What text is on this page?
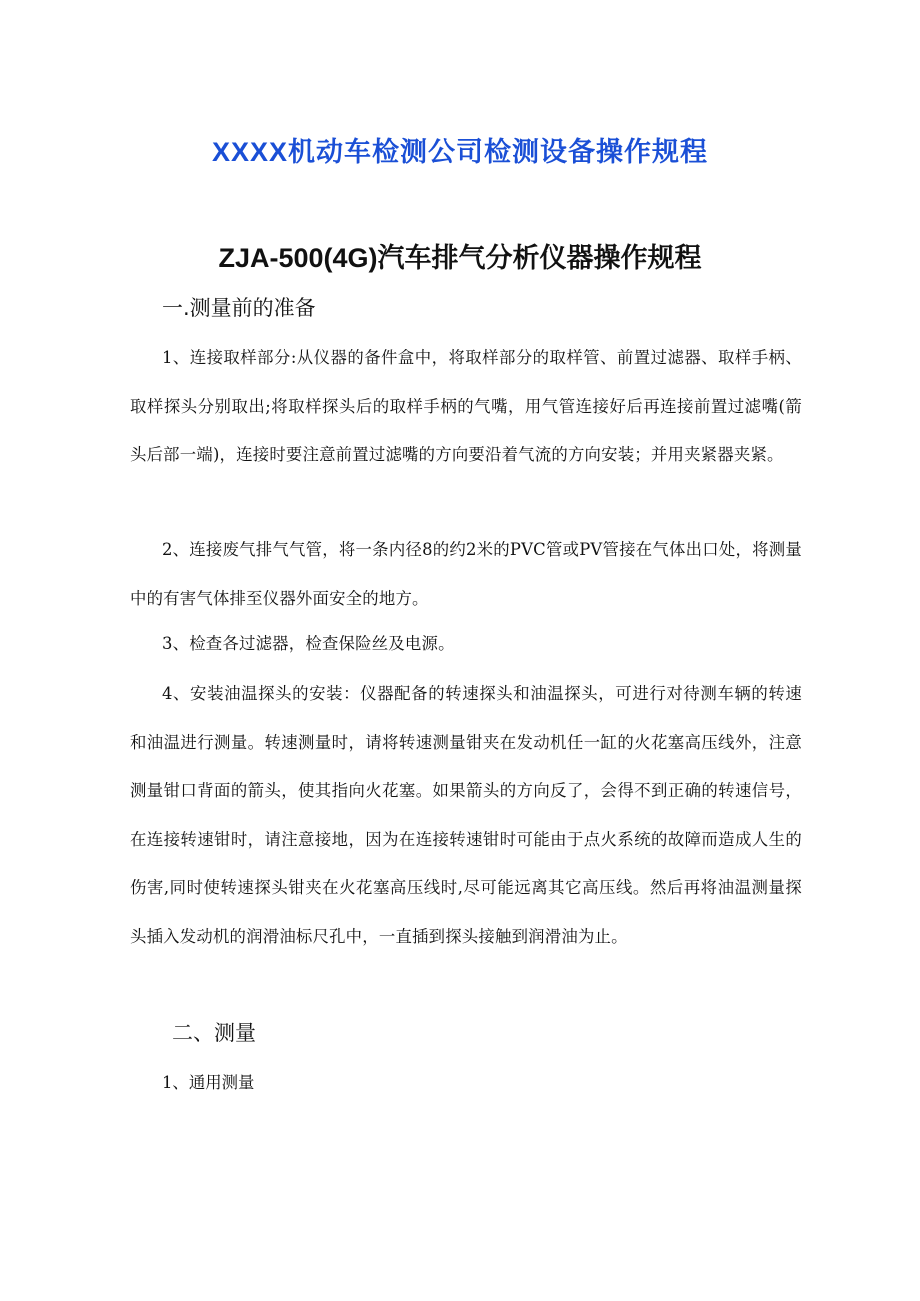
XXXX机动车检测公司检测设备操作规程
ZJA-500(4G)汽车排气分析仪器操作规程
一.测量前的准备
1、连接取样部分:从仪器的备件盒中，将取样部分的取样管、前置过滤器、取样手柄、取样探头分别取出;将取样探头后的取样手柄的气嘴，用气管连接好后再连接前置过滤嘴(箭头后部一端)，连接时要注意前置过滤嘴的方向要沿着气流的方向安装；并用夹紧器夹紧。
2、连接废气排气气管，将一条内径8的约2米的PVC管或PV管接在气体出口处，将测量中的有害气体排至仪器外面安全的地方。
3、检查各过滤器，检查保险丝及电源。
4、安装油温探头的安装：仪器配备的转速探头和油温探头，可进行对待测车辆的转速和油温进行测量。转速测量时，请将转速测量钳夹在发动机任一缸的火花塞高压线外，注意测量钳口背面的箭头，使其指向火花塞。如果箭头的方向反了，会得不到正确的转速信号，在连接转速钳时，请注意接地，因为在连接转速钳时可能由于点火系统的故障而造成人生的伤害,同时使转速探头钳夹在火花塞高压线时,尽可能远离其它高压线。然后再将油温测量探头插入发动机的润滑油标尺孔中，一直插到探头接触到润滑油为止。
二、测量
1、通用测量
